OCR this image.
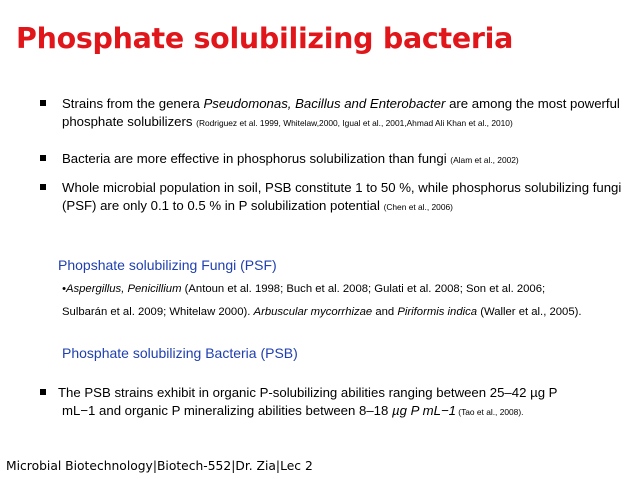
Phosphate solubilizing bacteria
Strains from the genera Pseudomonas, Bacillus and Enterobacter are among the most powerful phosphate solubilizers (Rodriguez et al. 1999, Whitelaw,2000, Igual et al., 2001,Ahmad Ali Khan et al., 2010)
Bacteria are more effective in phosphorus solubilization than fungi (Alam et al., 2002)
Whole microbial population in soil, PSB constitute 1 to 50 %, while phosphorus solubilizing fungi (PSF) are only 0.1 to 0.5 % in P solubilization potential (Chen et al., 2006)
Phopshate solubilizing Fungi (PSF)
•Aspergillus, Penicillium (Antoun et al. 1998; Buch et al. 2008; Gulati et al. 2008; Son et al. 2006;
Sulbarán et al. 2009; Whitelaw 2000). Arbuscular mycorrhizae and Piriformis indica (Waller et al., 2005).
Phosphate solubilizing Bacteria (PSB)
The PSB strains exhibit in organic P-solubilizing abilities ranging between 25–42 µg P
mL−1 and organic P mineralizing abilities between 8–18 µg P mL−1 (Tao et al., 2008).
Microbial Biotechnology|Biotech-552|Dr. Zia|Lec 2
